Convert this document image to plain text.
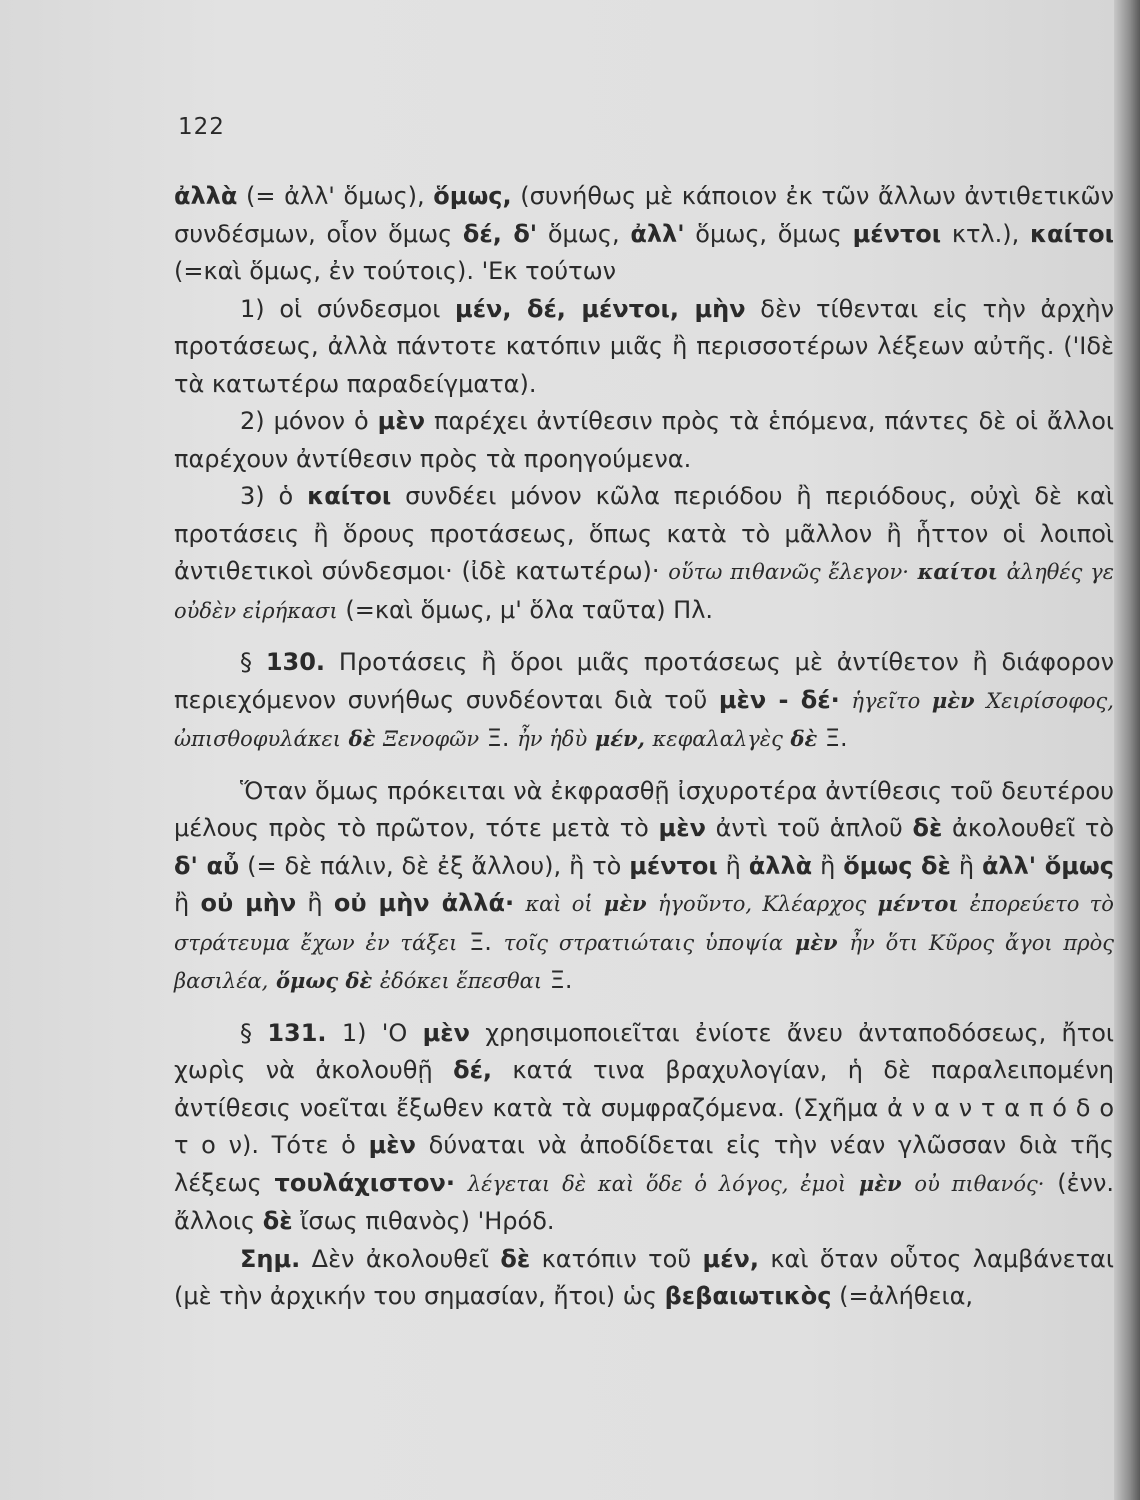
122

ἀλλὰ (= ἀλλ' ὅμως), ὅμως, (συνήθως μὲ κάποιον ἐκ τῶν ἄλλων ἀντιθετικῶν συνδέσμων, οἷον ὅμως δέ, δ' ὅμως, ἀλλ' ὅμως, ὅμως μέντοι κτλ.), καίτοι (=καὶ ὅμως, ἐν τούτοις). 'Εκ τούτων

1) οἱ σύνδεσμοι μέν, δέ, μέντοι, μὴν δὲν τίθενται εἰς τὴν ἀρχὴν προτάσεως, ἀλλὰ πάντοτε κατόπιν μιᾶς ἢ περισσοτέρων λέξεων αὐτῆς. ('Ιδὲ τὰ κατωτέρω παραδείγματα).

2) μόνον ὁ μὲν παρέχει ἀντίθεσιν πρὸς τὰ ἑπόμενα, πάντες δὲ οἱ ἄλλοι παρέχουν ἀντίθεσιν πρὸς τὰ προηγούμενα.

3) ὁ καίτοι συνδέει μόνον κῶλα περιόδου ἢ περιόδους, οὐχὶ δὲ καὶ προτάσεις ἢ ὅρους προτάσεως, ὅπως κατὰ τὸ μᾶλλον ἢ ἧττον οἱ λοιποὶ ἀντιθετικοὶ σύνδεσμοι· (ἰδὲ κατωτέρω)· οὕτω πιθανῶς ἔλεγον· καίτοι ἀληθές γε οὐδὲν εἰρήκασι (=καὶ ὅμως, μ' ὅλα ταῦτα) Πλ.

§ 130. Προτάσεις ἢ ὅροι μιᾶς προτάσεως μὲ ἀντίθετον ἢ διάφορον περιεχόμενον συνήθως συνδέονται διὰ τοῦ μὲν - δέ· ἡγεῖτο μὲν Χειρίσοφος, ὠπισθοφυλάκει δὲ Ξενοφῶν Ξ. ἦν ἡδὺ μέν, κεφαλαλγὲς δὲ Ξ.

Ὅταν ὅμως πρόκειται νὰ ἐκφρασθῇ ἰσχυροτέρα ἀντίθεσις τοῦ δευτέρου μέλους πρὸς τὸ πρῶτον, τότε μετὰ τὸ μὲν ἀντὶ τοῦ ἁπλοῦ δὲ ἀκολουθεῖ τὸ δ' αὖ (= δὲ πάλιν, δὲ ἐξ ἄλλου), ἢ τὸ μέντοι ἢ ἀλλὰ ἢ ὅμως δὲ ἢ ἀλλ' ὅμως ἢ οὐ μὴν ἢ οὐ μὴν ἀλλά· καὶ οἱ μὲν ἡγοῦντο, Κλέαρχος μέντοι ἐπορεύετο τὸ στράτευμα ἔχων ἐν τάξει Ξ. τοῖς στρατιώταις ὑποψία μὲν ἦν ὅτι Κῦρος ἄγοι πρὸς βασιλέα, ὅμως δὲ ἐδόκει ἕπεσθαι Ξ.

§ 131. 1) 'Ο μὲν χρησιμοποιεῖται ἐνίοτε ἄνευ ἀνταποδόσεως, ἤτοι χωρὶς νὰ ἀκολουθῇ δέ, κατά τινα βραχυλογίαν, ἡ δὲ παραλειπομένη ἀντίθεσις νοεῖται ἔξωθεν κατὰ τὰ συμφραζόμενα. (Σχῆμα ἀ ν α ν τ α π ό δ ο τ ο ν). Τότε ὁ μὲν δύναται νὰ ἀποδίδεται εἰς τὴν νέαν γλῶσσαν διὰ τῆς λέξεως τουλάχιστον· λέγεται δὲ καὶ ὅδε ὁ λόγος, ἐμοὶ μὲν οὐ πιθανός· (ἐνν. ἄλλοις δὲ ἴσως πιθανὸς) 'Ηρόδ.

Σημ. Δὲν ἀκολουθεῖ δὲ κατόπιν τοῦ μέν, καὶ ὅταν οὗτος λαμβάνεται (μὲ τὴν ἀρχικήν του σημασίαν, ἤτοι) ὡς βεβαιωτικὸς (=ἀλήθεια,
